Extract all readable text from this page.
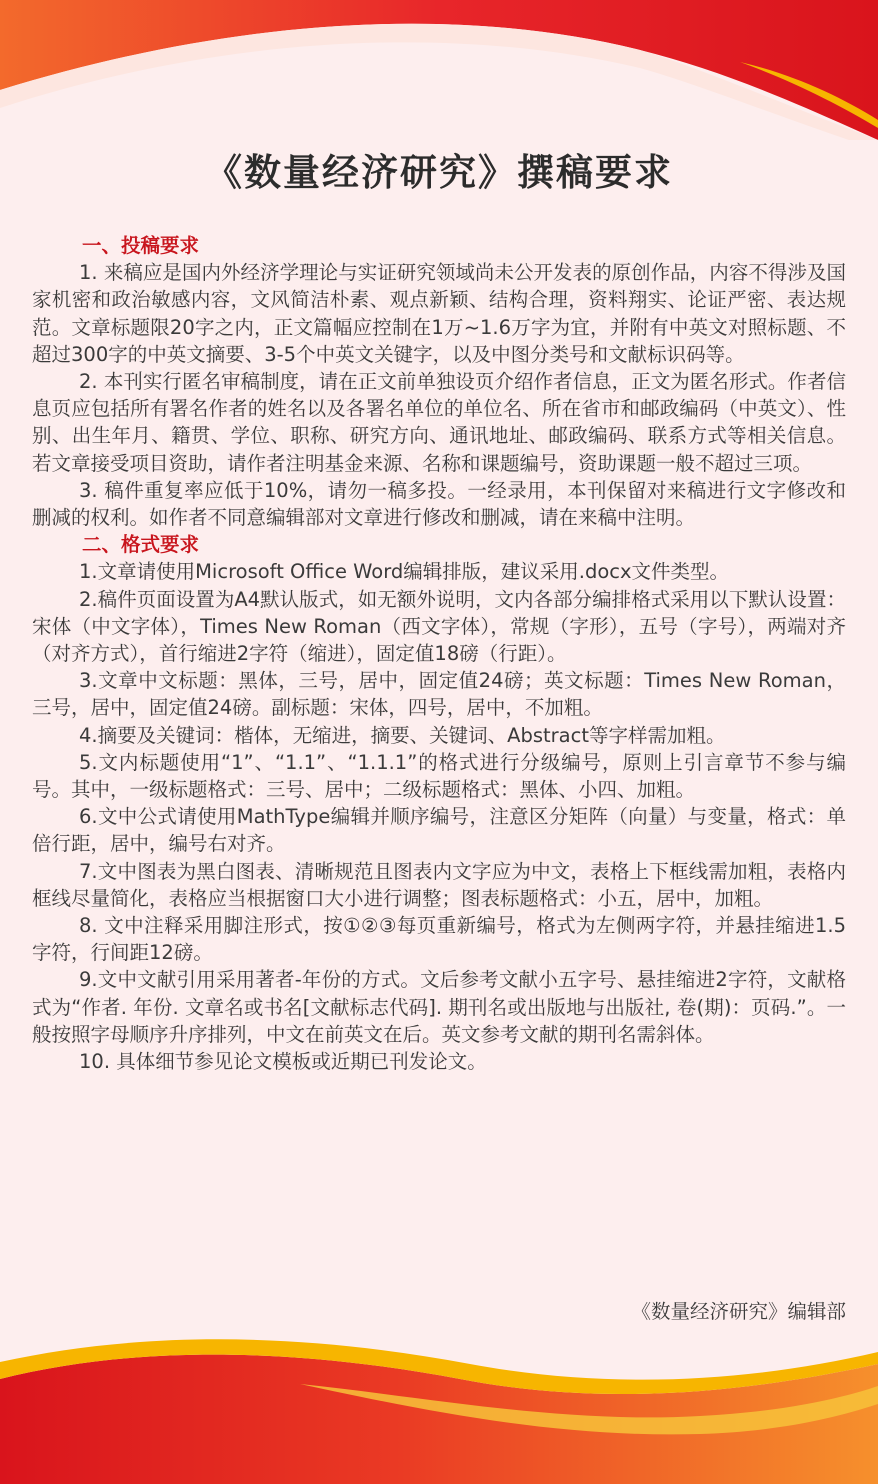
《数量经济研究》撰稿要求

一、投稿要求

1. 来稿应是国内外经济学理论与实证研究领域尚未公开发表的原创作品，内容不得涉及国家机密和政治敏感内容，文风简洁朴素、观点新颖、结构合理，资料翔实、论证严密、表达规范。文章标题限20字之内，正文篇幅应控制在1万~1.6万字为宜，并附有中英文对照标题、不超过300字的中英文摘要、3-5个中英文关键字，以及中图分类号和文献标识码等。

2. 本刊实行匿名审稿制度，请在正文前单独设页介绍作者信息，正文为匿名形式。作者信息页应包括所有署名作者的姓名以及各署名单位的单位名、所在省市和邮政编码（中英文）、性别、出生年月、籍贯、学位、职称、研究方向、通讯地址、邮政编码、联系方式等相关信息。若文章接受项目资助，请作者注明基金来源、名称和课题编号，资助课题一般不超过三项。

3. 稿件重复率应低于10%，请勿一稿多投。一经录用，本刊保留对来稿进行文字修改和删减的权利。如作者不同意编辑部对文章进行修改和删减，请在来稿中注明。

二、格式要求

1.文章请使用Microsoft Office Word编辑排版，建议采用.docx文件类型。

2.稿件页面设置为A4默认版式，如无额外说明，文内各部分编排格式采用以下默认设置：宋体（中文字体），Times New Roman（西文字体），常规（字形），五号（字号），两端对齐（对齐方式），首行缩进2字符（缩进），固定值18磅（行距）。

3.文章中文标题：黑体，三号，居中，固定值24磅；英文标题：Times New Roman，三号，居中，固定值24磅。副标题：宋体，四号，居中，不加粗。

4.摘要及关键词：楷体，无缩进，摘要、关键词、Abstract等字样需加粗。

5.文内标题使用“1”、“1.1”、“1.1.1”的格式进行分级编号，原则上引言章节不参与编号。其中，一级标题格式：三号、居中；二级标题格式：黑体、小四、加粗。

6.文中公式请使用MathType编辑并顺序编号，注意区分矩阵（向量）与变量，格式：单倍行距，居中，编号右对齐。

7.文中图表为黑白图表、清晰规范且图表内文字应为中文，表格上下框线需加粗，表格内框线尽量简化，表格应当根据窗口大小进行调整；图表标题格式：小五，居中，加粗。

8. 文中注释采用脚注形式，按①②③每页重新编号，格式为左侧两字符，并悬挂缩进1.5字符，行间距12磅。

9.文中文献引用采用著者-年份的方式。文后参考文献小五字号、悬挂缩进2字符，文献格式为“作者. 年份. 文章名或书名[文献标志代码]. 期刊名或出版地与出版社, 卷(期)：页码.”。一般按照字母顺序升序排列，中文在前英文在后。英文参考文献的期刊名需斜体。

10. 具体细节参见论文模板或近期已刊发论文。

《数量经济研究》编辑部
